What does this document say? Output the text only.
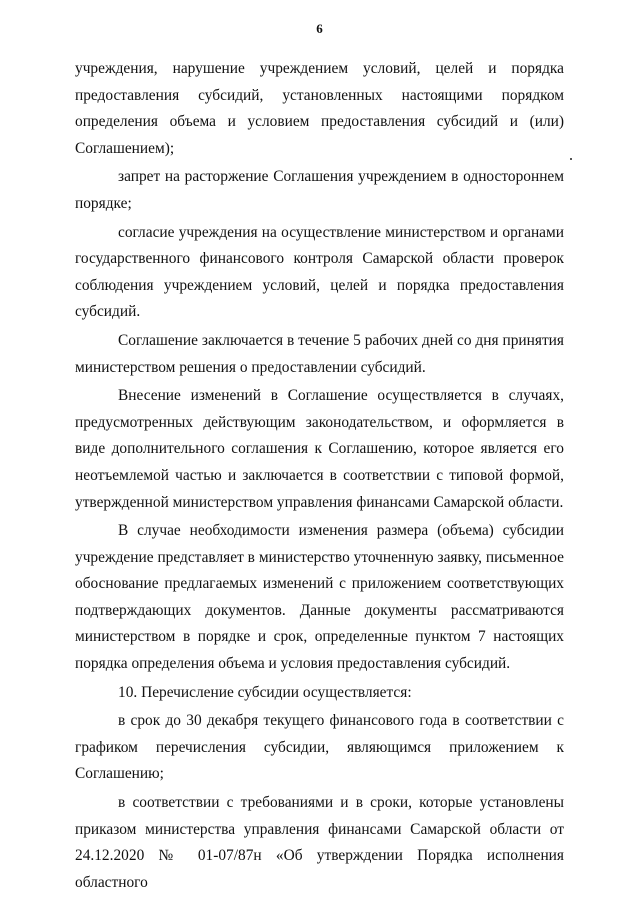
6

учреждения, нарушение учреждением условий, целей и порядка предоставления субсидий, установленных настоящими порядком определения объема и условием предоставления субсидий и (или) Соглашением);

запрет на расторжение Соглашения учреждением в одностороннем порядке;

согласие учреждения на осуществление министерством и органами государственного финансового контроля Самарской области проверок соблюдения учреждением условий, целей и порядка предоставления субсидий.

Соглашение заключается в течение 5 рабочих дней со дня принятия министерством решения о предоставлении субсидий.

Внесение изменений в Соглашение осуществляется в случаях, предусмотренных действующим законодательством, и оформляется в виде дополнительного соглашения к Соглашению, которое является его неотъемлемой частью и заключается в соответствии с типовой формой, утвержденной министерством управления финансами Самарской области.

В случае необходимости изменения размера (объема) субсидии учреждение представляет в министерство уточненную заявку, письменное обоснование предлагаемых изменений с приложением соответствующих подтверждающих документов. Данные документы рассматриваются министерством в порядке и срок, определенные пунктом 7 настоящих порядка определения объема и условия предоставления субсидий.

10. Перечисление субсидии осуществляется:

в срок до 30 декабря текущего финансового года в соответствии с графиком перечисления субсидии, являющимся приложением к Соглашению;

в соответствии с требованиями и в сроки, которые установлены приказом министерства управления финансами Самарской области от 24.12.2020 № 01-07/87н «Об утверждении Порядка исполнения областного
